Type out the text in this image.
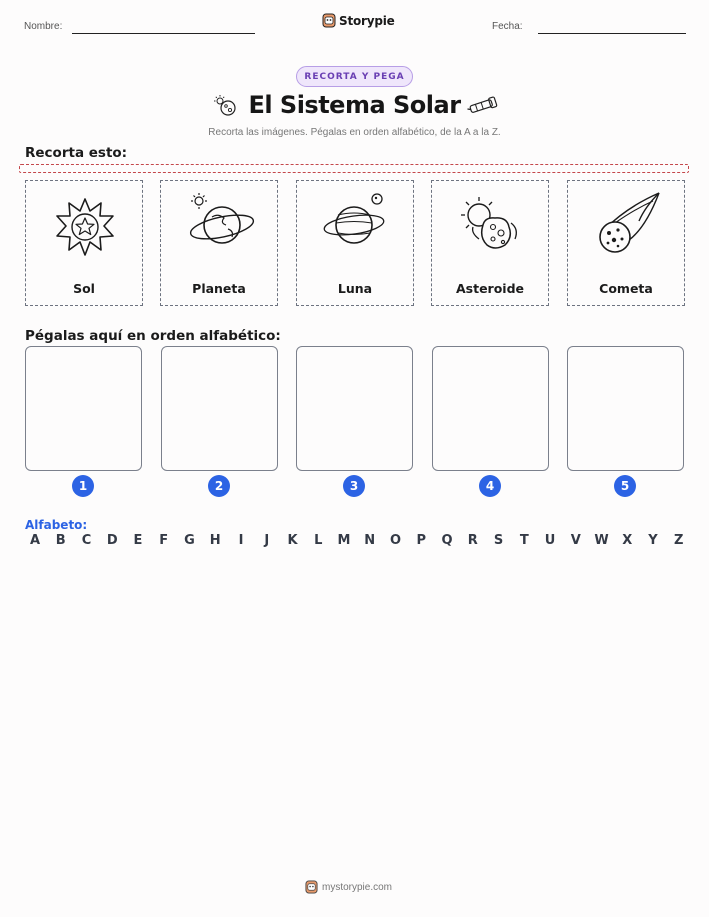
Nombre:	Storypie	Fecha:
RECORTA Y PEGA
El Sistema Solar
Recorta las imágenes. Pégalas en orden alfabético, de la A a la Z.
Recorta esto:
Sol	Planeta	Luna	Asteroide	Cometa
Pégalas aquí en orden alfabético:
1	2	3	4	5
Alfabeto:
A B C D E F G H	I	J	K L M N O P Q R S T U V W X Y Z
mystorypie.com
